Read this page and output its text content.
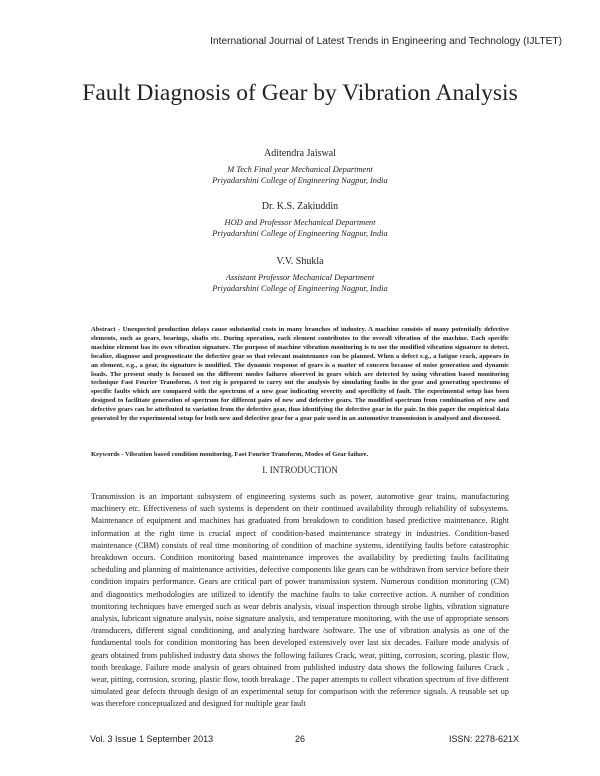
International Journal of Latest Trends in Engineering and Technology (IJLTET)
Fault Diagnosis of Gear by Vibration Analysis
Aditendra Jaiswal
M Tech Final year Mechanical Department
Priyadarshini College of Engineering Nagpur, India
Dr. K.S. Zakiuddin
HOD and Professor Mechanical Department
Priyadarshini College of Engineering Nagpur, India
V.V. Shukla
Assistant Professor Mechanical Department
Priyadarshini College of Engineering Nagpur, India
Abstract - Unexpected production delays cause substantial costs in many branches of industry. A machine consists of many potentially defective elements, such as gears, bearings, shafts etc. During operation, each element contributes to the overall vibration of the machine. Each specific machine element has its own vibration signature. The purpose of machine vibration monitoring is to use the modified vibration signature to detect, localize, diagnose and prognosticate the defective gear so that relevant maintenance can be planned. When a defect e.g., a fatigue crack, appears in an element, e.g., a gear, its signature is modified. The dynamic response of gears is a matter of concern because of noise generation and dynamic loads. The present study is focused on the different modes failures observed in gears which are detected by using vibration based monitoring technique Fast Fourier Transform. A test rig is prepared to carry out the analysis by simulating faults in the gear and generating spectrums of specific faults which are compared with the spectrum of a new gear indicating severity and specificity of fault. The experimental setup has been designed to facilitate generation of spectrum for different pairs of new and defective gears. The modified spectrum from combination of new and defective gears can be attributed to variation from the defective gear, thus identifying the defective gear in the pair. In this paper the empirical data generated by the experimental setup for both new and defective gear for a gear pair used in an automotive transmission is analysed and discussed.
Keywords - Vibration based condition monitoring, Fast Fourier Transform, Modes of Gear failure.
I. INTRODUCTION
Transmission is an important subsystem of engineering systems such as power, automotive gear trains, manufacturing machinery etc. Effectiveness of such systems is dependent on their continued availability through reliability of subsystems. Maintenance of equipment and machines has graduated from breakdown to condition based predictive maintenance. Right information at the right time is crucial aspect of condition-based maintenance strategy in industries. Condition-based maintenance (CBM) consists of real time monitoring of condition of machine systems, identifying faults before catastrophic breakdown occurs. Condition monitoring based maintenance improves the availability by predicting faults facilitating scheduling and planning of maintenance activities, defective components like gears can be withdrawn from service before their condition impairs performance. Gears are critical part of power transmission system. Numerous condition monitoring (CM) and diagnostics methodologies are utilized to identify the machine faults to take corrective action. A number of condition monitoring techniques have emerged such as wear debris analysis, visual inspection through strobe lights, vibration signature analysis, lubricant signature analysis, noise signature analysis, and temperature monitoring, with the use of appropriate sensors /transducers, different signal conditioning, and analyzing hardware /software. The use of vibration analysis as one of the fundamental tools for condition monitoring has been developed extensively over last six decades. Failure mode analysis of gears obtained from published industry data shows the following failures Crack, wear, pitting, corrosion, scoring, plastic flow, tooth breakage. Failure mode analysis of gears obtained from published industry data shows the following failures Crack , wear, pitting, corrosion, scoring, plastic flow, tooth breakage . The paper attempts to collect vibration spectrum of five different simulated gear defects through design of an experimental setup for comparison with the reference signals. A reusable set up was therefore conceptualized and designed for multiple gear fault
Vol. 3 Issue 1 September 2013	26	ISSN: 2278-621X
